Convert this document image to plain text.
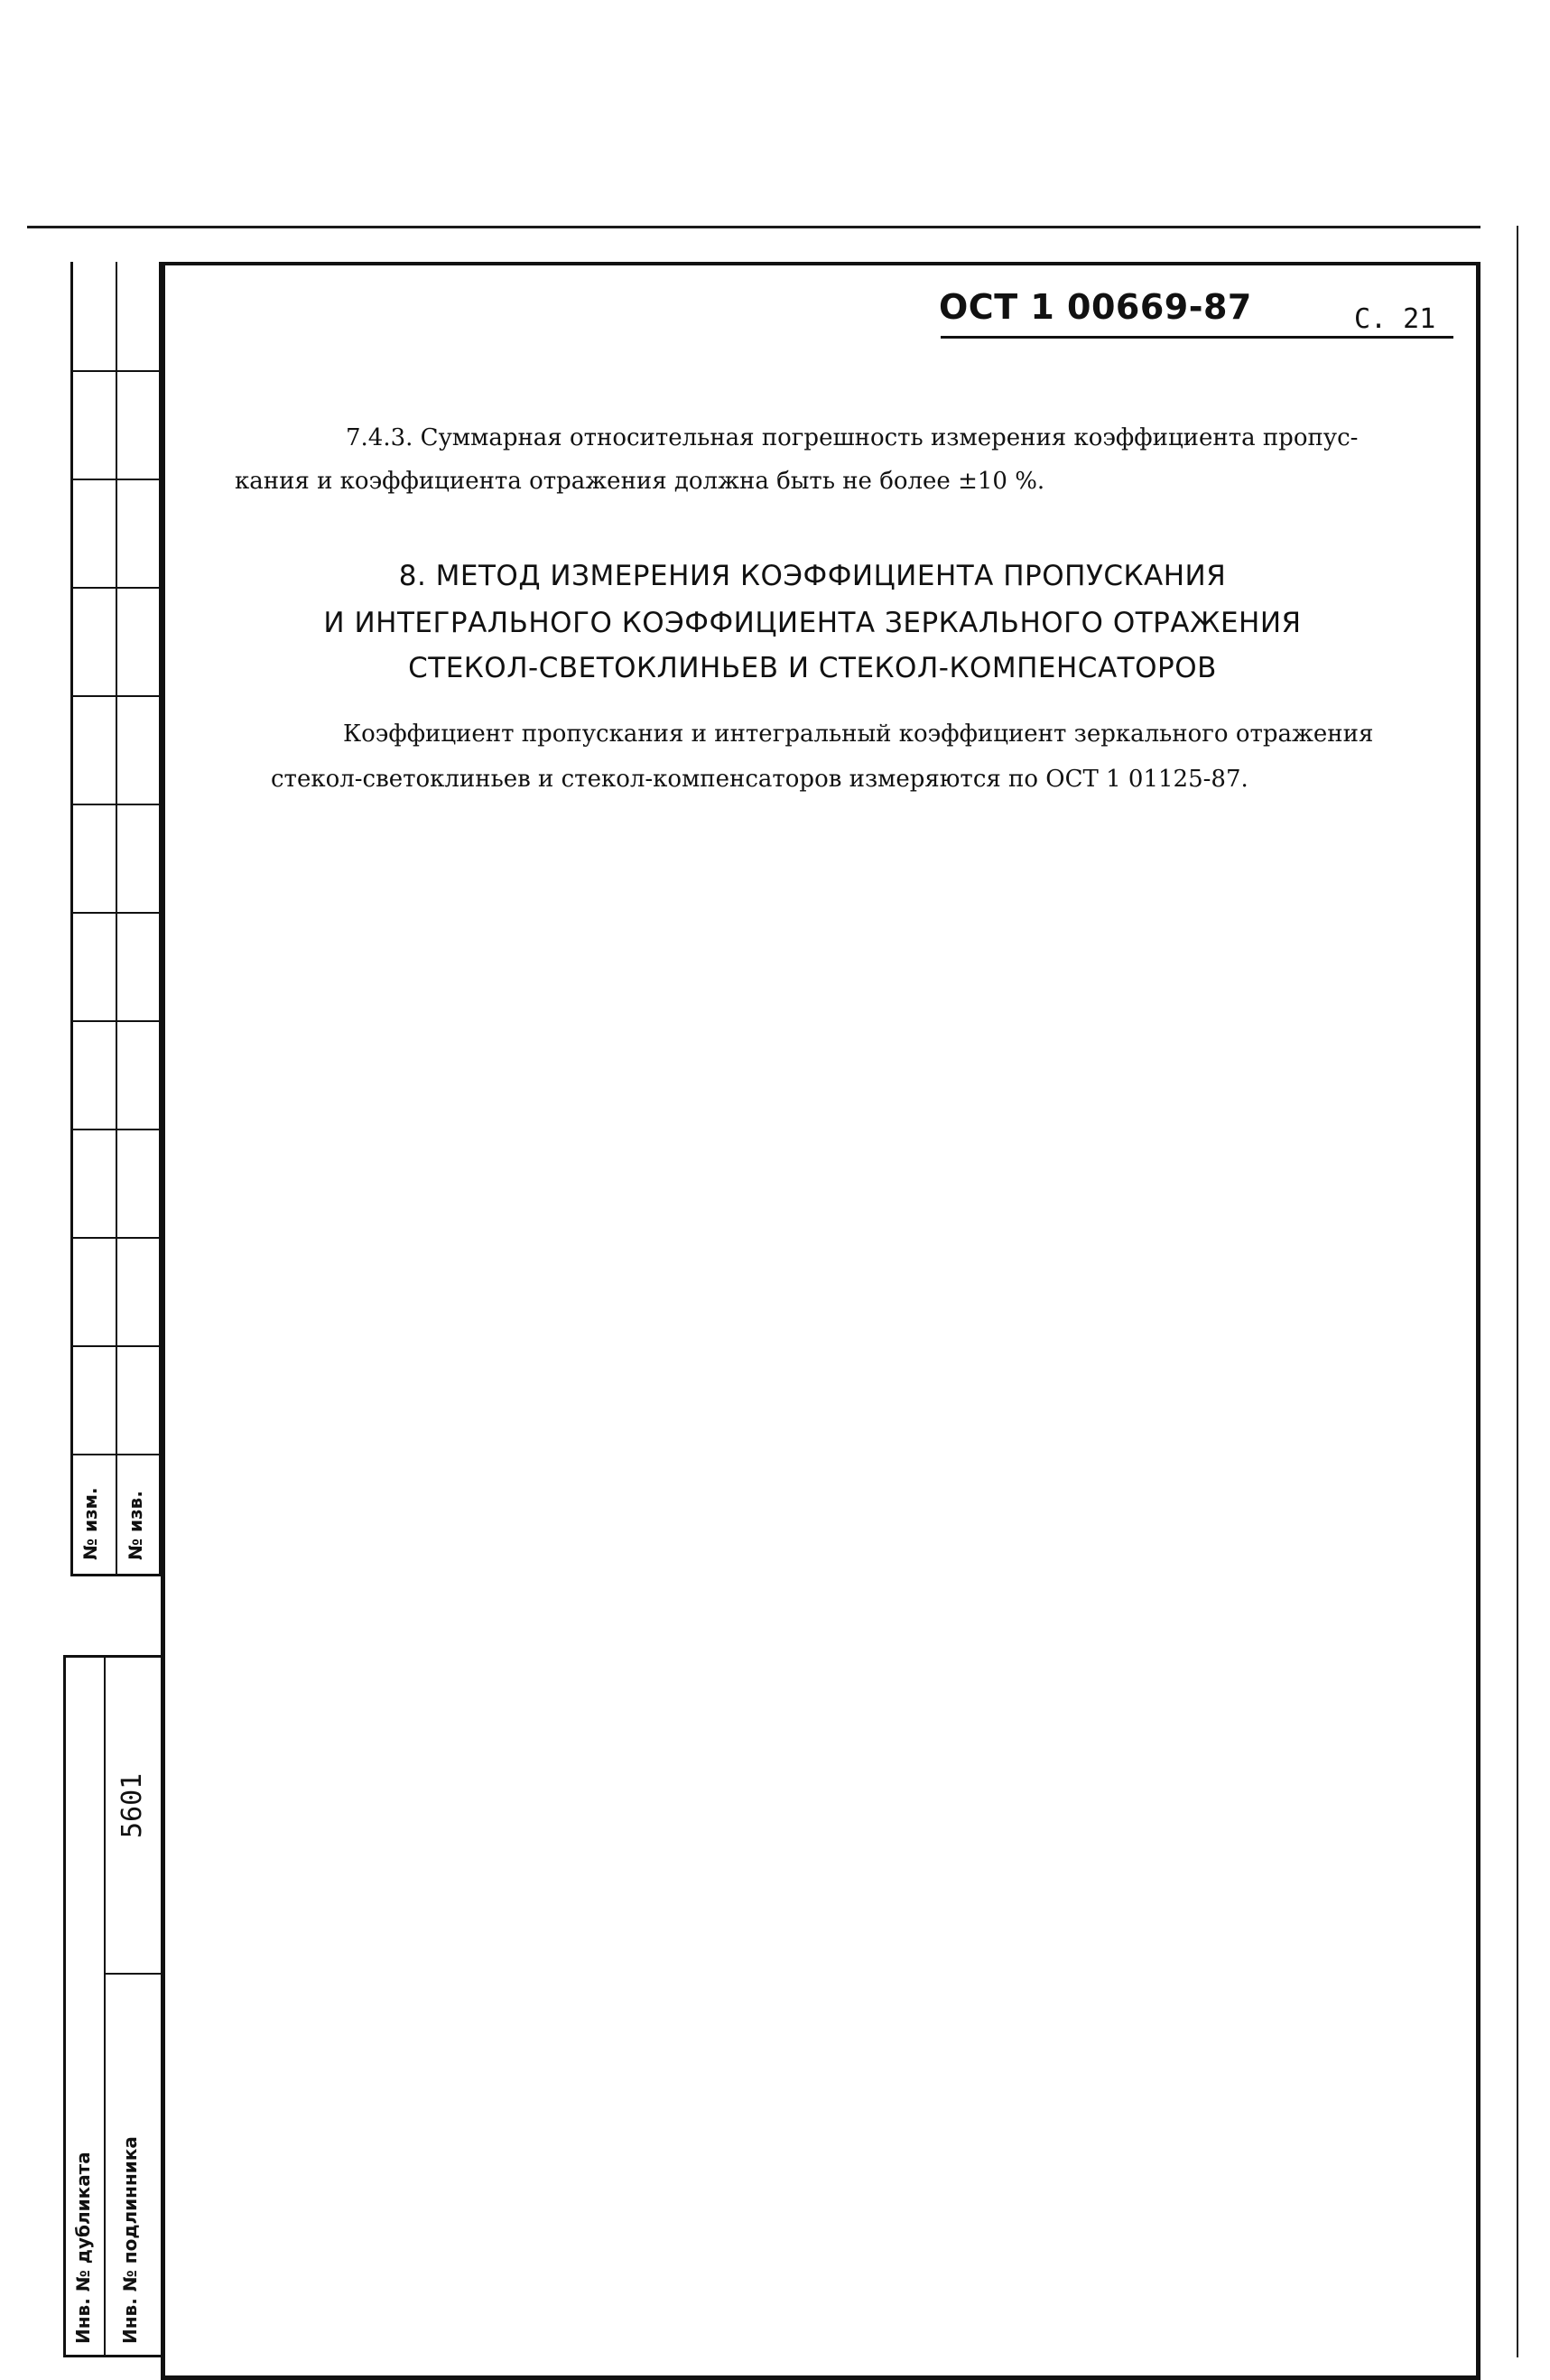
№ изм. № изв.
Инв. № дубликата Инв. № подлинника
5601
ОСТ 1 00669-87	С. 21
7.4.3. Суммарная относительная погрешность измерения коэффициента пропус-
кания и коэффициента отражения должна быть не более ±10 %.
8. МЕТОД ИЗМЕРЕНИЯ КОЭФФИЦИЕНТА ПРОПУСКАНИЯ
И ИНТЕГРАЛЬНОГО КОЭФФИЦИЕНТА ЗЕРКАЛЬНОГО ОТРАЖЕНИЯ
СТЕКОЛ-СВЕТОКЛИНЬЕВ И СТЕКОЛ-КОМПЕНСАТОРОВ
Коэффициент пропускания и интегральный коэффициент зеркального отражения
стекол-светоклиньев и стекол-компенсаторов измеряются по ОСТ 1 01125-87.
